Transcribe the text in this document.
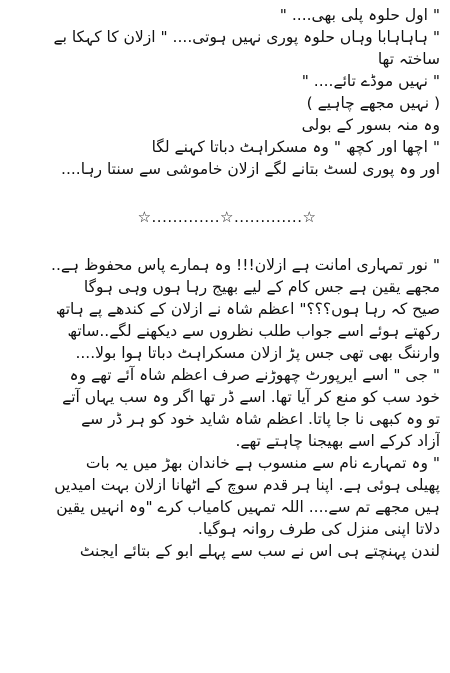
" اول حلوہ پلی بھی.... "
" ہاہاہابا وہاں حلوہ پوری نہیں ہوتی.... " ازلان کا کہکا بے
ساختہ تھا
" نہیں موڈے تائے.... "
( نہیں مجھے چاہیے )
وہ منہ بسور کے بولی
" اچھا اور کچھ " وہ مسکراہٹ دباتا کہنے لگا
اور وہ پوری لسٹ بتانے لگے ازلان خاموشی سے سنتا رہا....
☆.............☆.............☆
" نور تمہاری امانت ہے ازلان!!! وہ ہمارے پاس محفوظ ہے..
مجھے یقین ہے جس کام کے لیے بھیج رہا ہوں وہی ہوگا
صیح کہ رہا ہوں؟؟؟" اعظم شاہ نے ازلان کے کندھے پے ہاتھ
رکھتے ہوئے اسے جواب طلب نظروں سے دیکھنے لگے..ساتھ
وارننگ بھی تھی جس پڑ ازلان مسکراہٹ دباتا ہوا بولا....
" جی " اسے ایرپورٹ چھوڑنے صرف اعظم شاہ آئے تھے وہ
خود سب کو منع کر آیا تھا. اسے ڈر تھا اگر وہ سب یہاں آتے
تو وہ کبھی نا جا پاتا. اعظم شاہ شاید خود کو ہر ڈر سے
آزاد کرکے اسے بھیجنا چاہتے تھے.
" وہ تمہارے نام سے منسوب ہے خاندان بھڑ میں یہ بات
پھیلی ہوئی ہے. اپنا ہر قدم سوچ کے اٹھانا ازلان بہت امیدیں
ہیں مجھے تم سے.... اللہ تمہیں کامیاب کرے "وہ انہیں یقین
دلاتا اپنی منزل کی طرف روانہ ہوگیا.
لندن پہنچتے ہی اس نے سب سے پہلے ابو کے بتائے ایجنٹ
